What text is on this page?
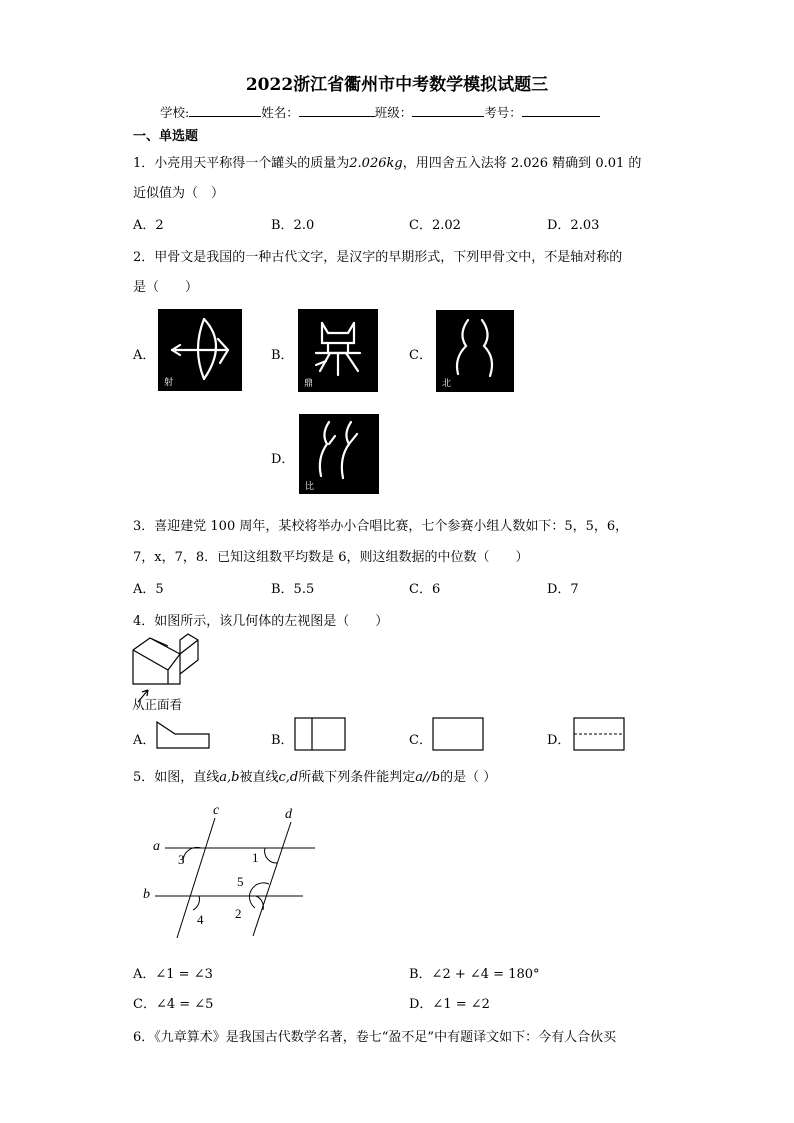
2022浙江省衢州市中考数学模拟试题三
学校:	姓名：	班级：	考号：
一、单选题
1．小亮用天平称得一个罐头的质量为2.026kg，用四舍五入法将 2.026 精确到 0.01 的
近似值为（　）
A．2	B．2.0	C．2.02	D．2.03
2．甲骨文是我国的一种古代文字，是汉字的早期形式，下列甲骨文中，不是轴对称的
是（　　）
A．
射
B．
鼎
C．
北
D．
比
3．喜迎建党 100 周年，某校将举办小合唱比赛，七个参赛小组人数如下：5，5，6，
7，x，7，8．已知这组数平均数是 6，则这组数据的中位数（　　）
A．5	B．5.5	C．6	D．7
4．如图所示，该几何体的左视图是（　　）
从正面看
A．	B．	C．	D．
5．如图，直线a,b被直线c,d所截下列条件能判定a//b的是（ ）
a
b
c	d
3	1
5
2
4
A．∠1 = ∠3	B．∠2 + ∠4 = 180°
C．∠4 = ∠5	D．∠1 = ∠2
6．《九章算术》是我国古代数学名著，卷七“盈不足”中有题译文如下：今有人合伙买
